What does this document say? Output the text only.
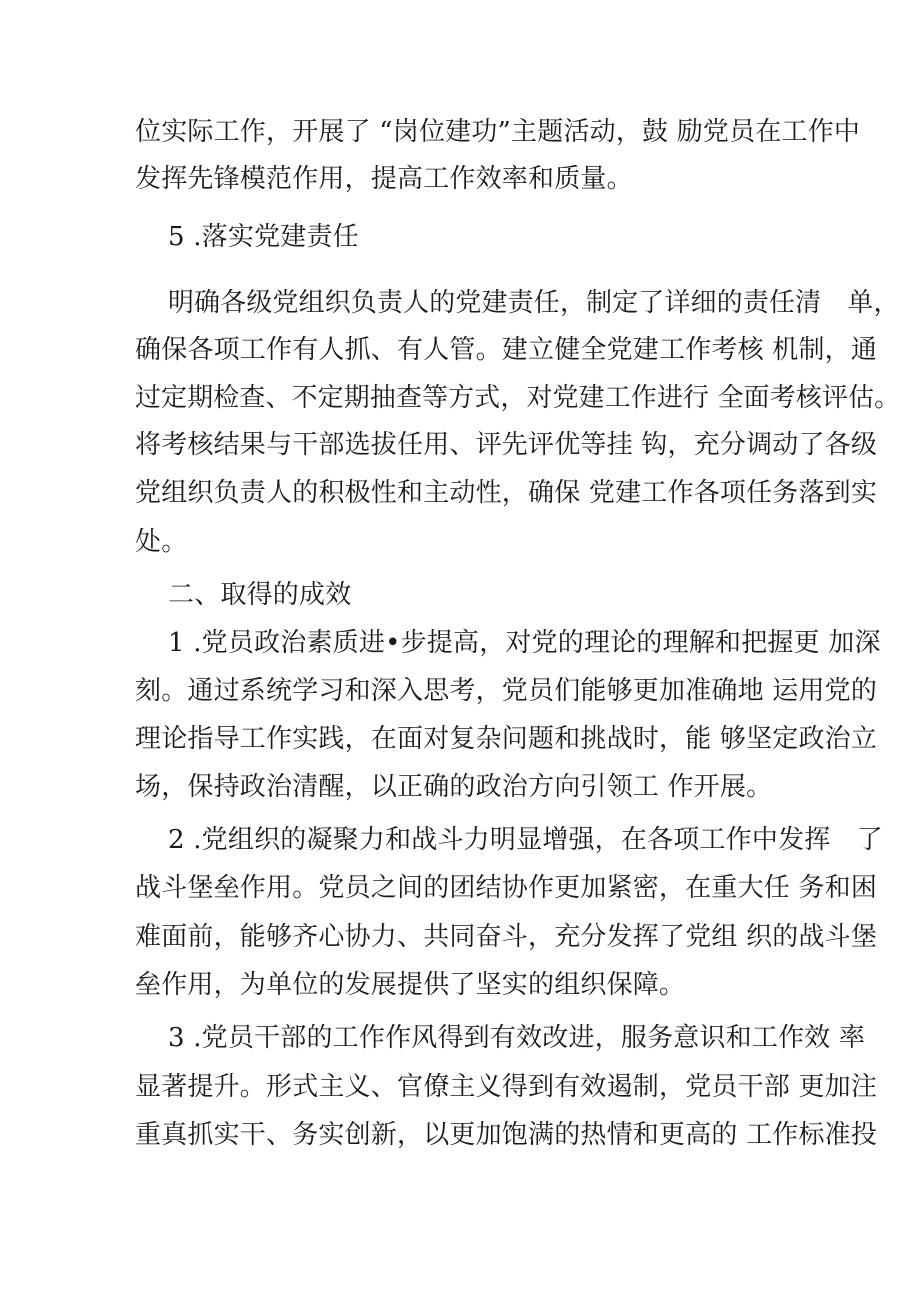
位实际工作，开展了 “岗位建功”主题活动，鼓 励党员在工作中
发挥先锋模范作用，提高工作效率和质量。
5 .落实党建责任
明确各级党组织负责人的党建责任，制定了详细的责任清　单，
确保各项工作有人抓、有人管。建立健全党建工作考核 机制，通
过定期检查、不定期抽查等方式，对党建工作进行 全面考核评估。
将考核结果与干部选拔任用、评先评优等挂 钩，充分调动了各级
党组织负责人的积极性和主动性，确保 党建工作各项任务落到实
处。
二、取得的成效
1 .党员政治素质进•步提高，对党的理论的理解和把握更 加深
刻。通过系统学习和深入思考，党员们能够更加准确地 运用党的
理论指导工作实践，在面对复杂问题和挑战时，能 够坚定政治立
场，保持政治清醒，以正确的政治方向引领工 作开展。
2 .党组织的凝聚力和战斗力明显增强，在各项工作中发挥　了
战斗堡垒作用。党员之间的团结协作更加紧密，在重大任 务和困
难面前，能够齐心协力、共同奋斗，充分发挥了党组 织的战斗堡
垒作用，为单位的发展提供了坚实的组织保障。
3 .党员干部的工作作风得到有效改进，服务意识和工作效 率
显著提升。形式主义、官僚主义得到有效遏制，党员干部 更加注
重真抓实干、务实创新，以更加饱满的热情和更高的 工作标准投
